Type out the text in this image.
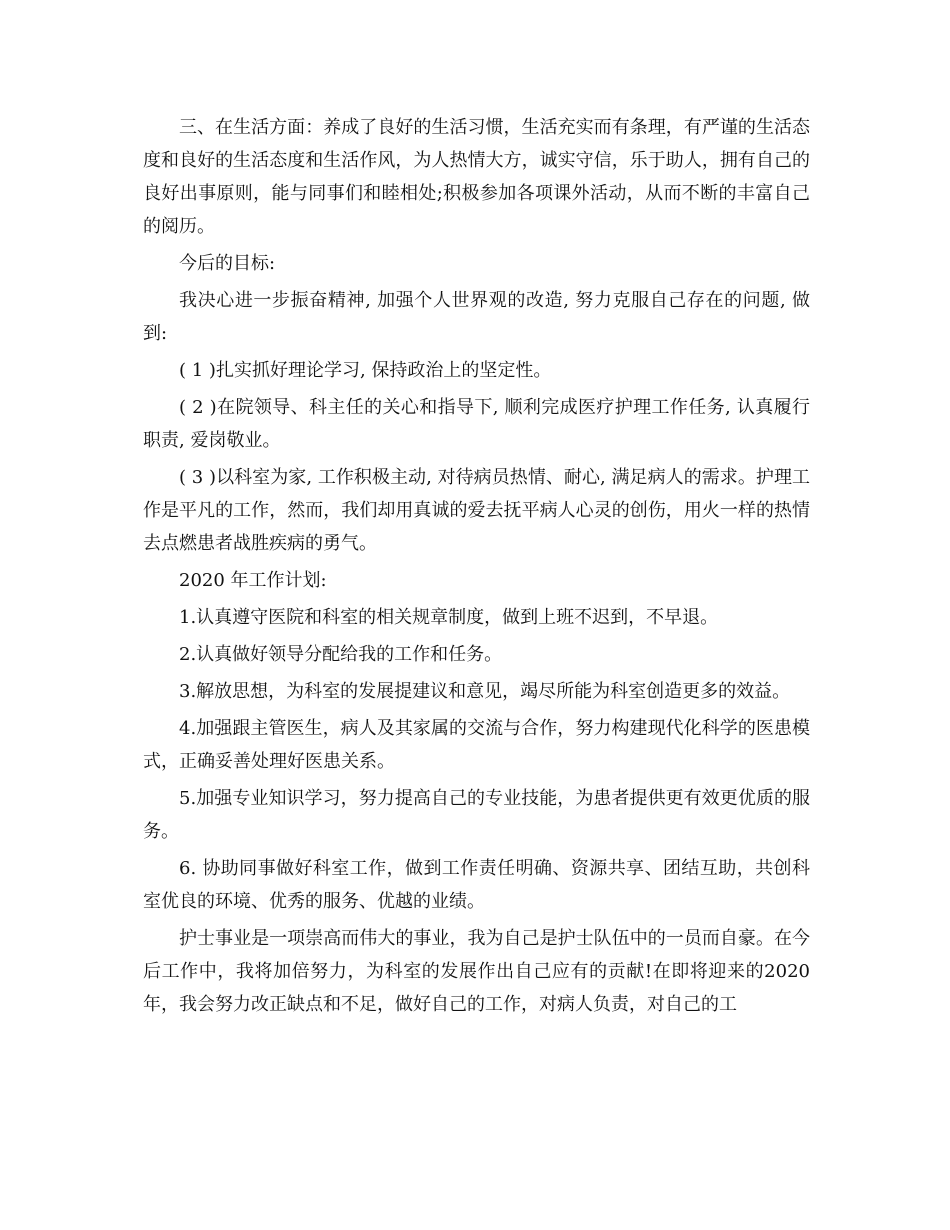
三、在生活方面：养成了良好的生活习惯，生活充实而有条理，有严谨的生活态度和良好的生活态度和生活作风，为人热情大方，诚实守信，乐于助人，拥有自己的良好出事原则，能与同事们和睦相处;积极参加各项课外活动，从而不断的丰富自己的阅历。

今后的目标:

我决心进一步振奋精神, 加强个人世界观的改造, 努力克服自己存在的问题, 做到:

( 1 )扎实抓好理论学习, 保持政治上的坚定性。

( 2 )在院领导、科主任的关心和指导下, 顺利完成医疗护理工作任务, 认真履行职责, 爱岗敬业。

( 3 )以科室为家, 工作积极主动, 对待病员热情、耐心, 满足病人的需求。护理工作是平凡的工作，然而，我们却用真诚的爱去抚平病人心灵的创伤，用火一样的热情去点燃患者战胜疾病的勇气。

2020 年工作计划:

1.认真遵守医院和科室的相关规章制度，做到上班不迟到，不早退。

2.认真做好领导分配给我的工作和任务。

3.解放思想，为科室的发展提建议和意见，竭尽所能为科室创造更多的效益。

4.加强跟主管医生，病人及其家属的交流与合作，努力构建现代化科学的医患模式，正确妥善处理好医患关系。

5.加强专业知识学习，努力提高自己的专业技能，为患者提供更有效更优质的服务。

6. 协助同事做好科室工作，做到工作责任明确、资源共享、团结互助，共创科室优良的环境、优秀的服务、优越的业绩。

护士事业是一项崇高而伟大的事业，我为自己是护士队伍中的一员而自豪。在今后工作中，我将加倍努力，为科室的发展作出自己应有的贡献!在即将迎来的2020 年，我会努力改正缺点和不足，做好自己的工作，对病人负责，对自己的工
